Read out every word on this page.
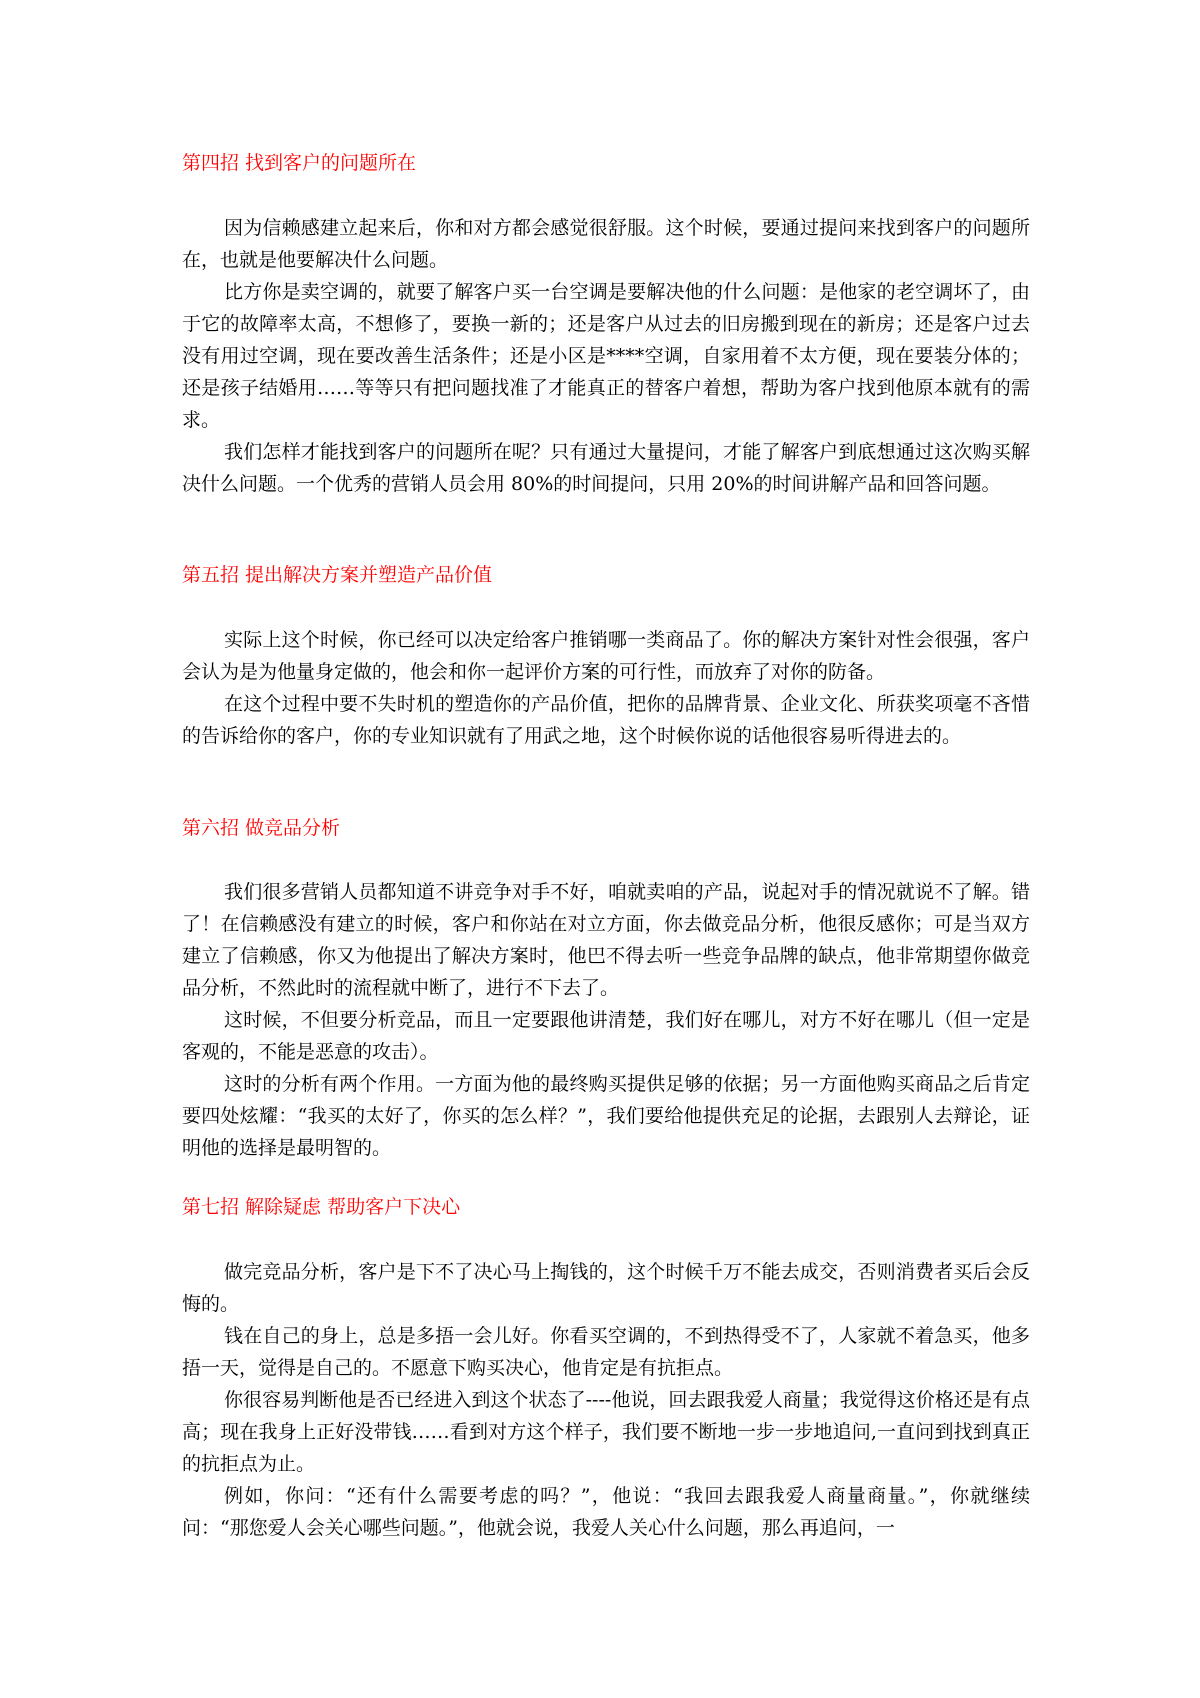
第四招 找到客户的问题所在

因为信赖感建立起来后，你和对方都会感觉很舒服。这个时候，要通过提问来找到客户的问题所在，也就是他要解决什么问题。

比方你是卖空调的，就要了解客户买一台空调是要解决他的什么问题：是他家的老空调坏了，由于它的故障率太高，不想修了，要换一新的；还是客户从过去的旧房搬到现在的新房；还是客户过去没有用过空调，现在要改善生活条件；还是小区是****空调，自家用着不太方便，现在要装分体的；还是孩子结婚用……等等只有把问题找准了才能真正的替客户着想，帮助为客户找到他原本就有的需求。

我们怎样才能找到客户的问题所在呢？只有通过大量提问，才能了解客户到底想通过这次购买解决什么问题。一个优秀的营销人员会用 80%的时间提问，只用 20%的时间讲解产品和回答问题。

第五招 提出解决方案并塑造产品价值

实际上这个时候，你已经可以决定给客户推销哪一类商品了。你的解决方案针对性会很强，客户会认为是为他量身定做的，他会和你一起评价方案的可行性，而放弃了对你的防备。

在这个过程中要不失时机的塑造你的产品价值，把你的品牌背景、企业文化、所获奖项毫不吝惜的告诉给你的客户，你的专业知识就有了用武之地，这个时候你说的话他很容易听得进去的。

第六招 做竞品分析

我们很多营销人员都知道不讲竞争对手不好，咱就卖咱的产品，说起对手的情况就说不了解。错了！在信赖感没有建立的时候，客户和你站在对立方面，你去做竞品分析，他很反感你；可是当双方建立了信赖感，你又为他提出了解决方案时，他巴不得去听一些竞争品牌的缺点，他非常期望你做竞品分析，不然此时的流程就中断了，进行不下去了。

这时候，不但要分析竞品，而且一定要跟他讲清楚，我们好在哪儿，对方不好在哪儿（但一定是客观的，不能是恶意的攻击）。

这时的分析有两个作用。一方面为他的最终购买提供足够的依据；另一方面他购买商品之后肯定要四处炫耀：“我买的太好了，你买的怎么样？”，我们要给他提供充足的论据，去跟别人去辩论，证明他的选择是最明智的。

第七招 解除疑虑 帮助客户下决心

做完竞品分析，客户是下不了决心马上掏钱的，这个时候千万不能去成交，否则消费者买后会反悔的。

钱在自己的身上，总是多捂一会儿好。你看买空调的，不到热得受不了，人家就不着急买，他多捂一天，觉得是自己的。不愿意下购买决心，他肯定是有抗拒点。

你很容易判断他是否已经进入到这个状态了----他说，回去跟我爱人商量；我觉得这价格还是有点高；现在我身上正好没带钱……看到对方这个样子，我们要不断地一步一步地追问,一直问到找到真正的抗拒点为止。

例如，你问：“还有什么需要考虑的吗？”，他说：“我回去跟我爱人商量商量。”，你就继续问：“那您爱人会关心哪些问题。”，他就会说，我爱人关心什么问题，那么再追问，一
